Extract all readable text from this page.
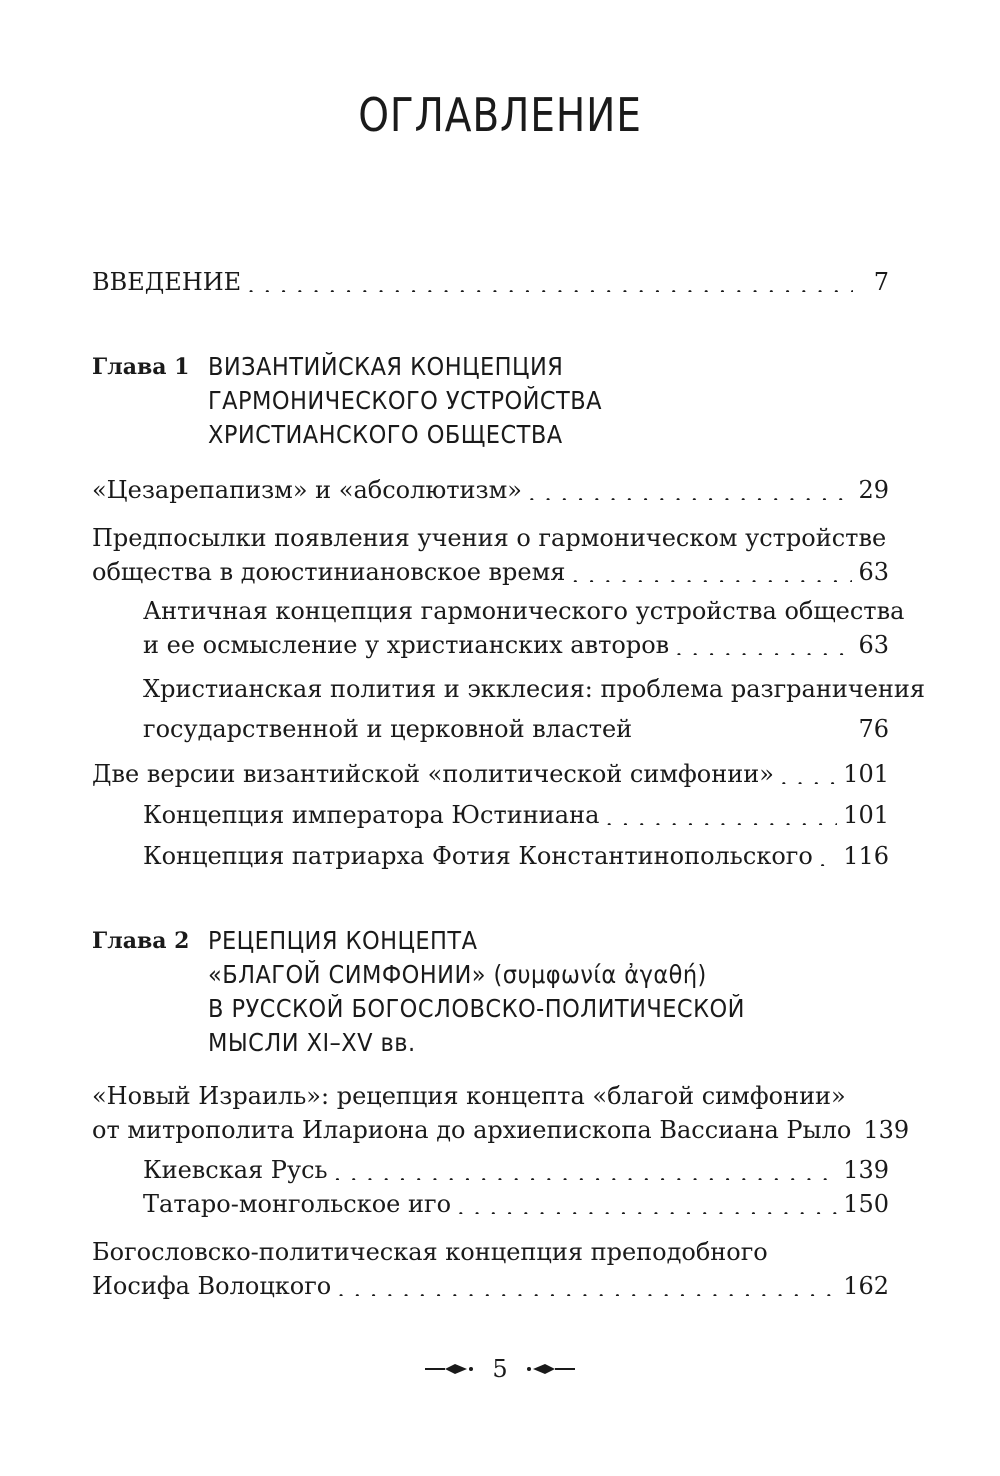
ОГЛАВЛЕНИЕ
ВВЕДЕНИЕ . . .	7
Глава 1 ВИЗАНТИЙСКАЯ КОНЦЕПЦИЯ
ГАРМОНИЧЕСКОГО УСТРОЙСТВА
ХРИСТИАНСКОГО ОБЩЕСТВА
«Цезарепапизм» и «абсолютизм» . . .	29
Предпосылки появления учения о гармоническом устройстве
общества в доюстиниановское время . . .	63
Античная концепция гармонического устройства общества
и ее осмысление у христианских авторов . . .	63
Христианская полития и экклесия: проблема разграничения
государственной и церковной властей . . .	76
Две версии византийской «политической симфонии» . . .	101
Концепция императора Юстиниана . . .	101
Концепция патриарха Фотия Константинопольского . . . 116
Глава 2 РЕЦЕПЦИЯ КОНЦЕПТА
«БЛАГОЙ СИМФОНИИ» (συμφωνία ἀγαθή)
В РУССКОЙ БОГОСЛОВСКО-ПОЛИТИЧЕСКОЙ
МЫСЛИ XI–XV вв.
«Новый Израиль»: рецепция концепта «благой симфонии»
от митрополита Илариона до архиепископа Вассиана Рыло 139
Киевская Русь . . .	139
Татаро-монгольское иго . . .	150
Богословско-политическая концепция преподобного
Иосифа Волоцкого . . .	162
5
